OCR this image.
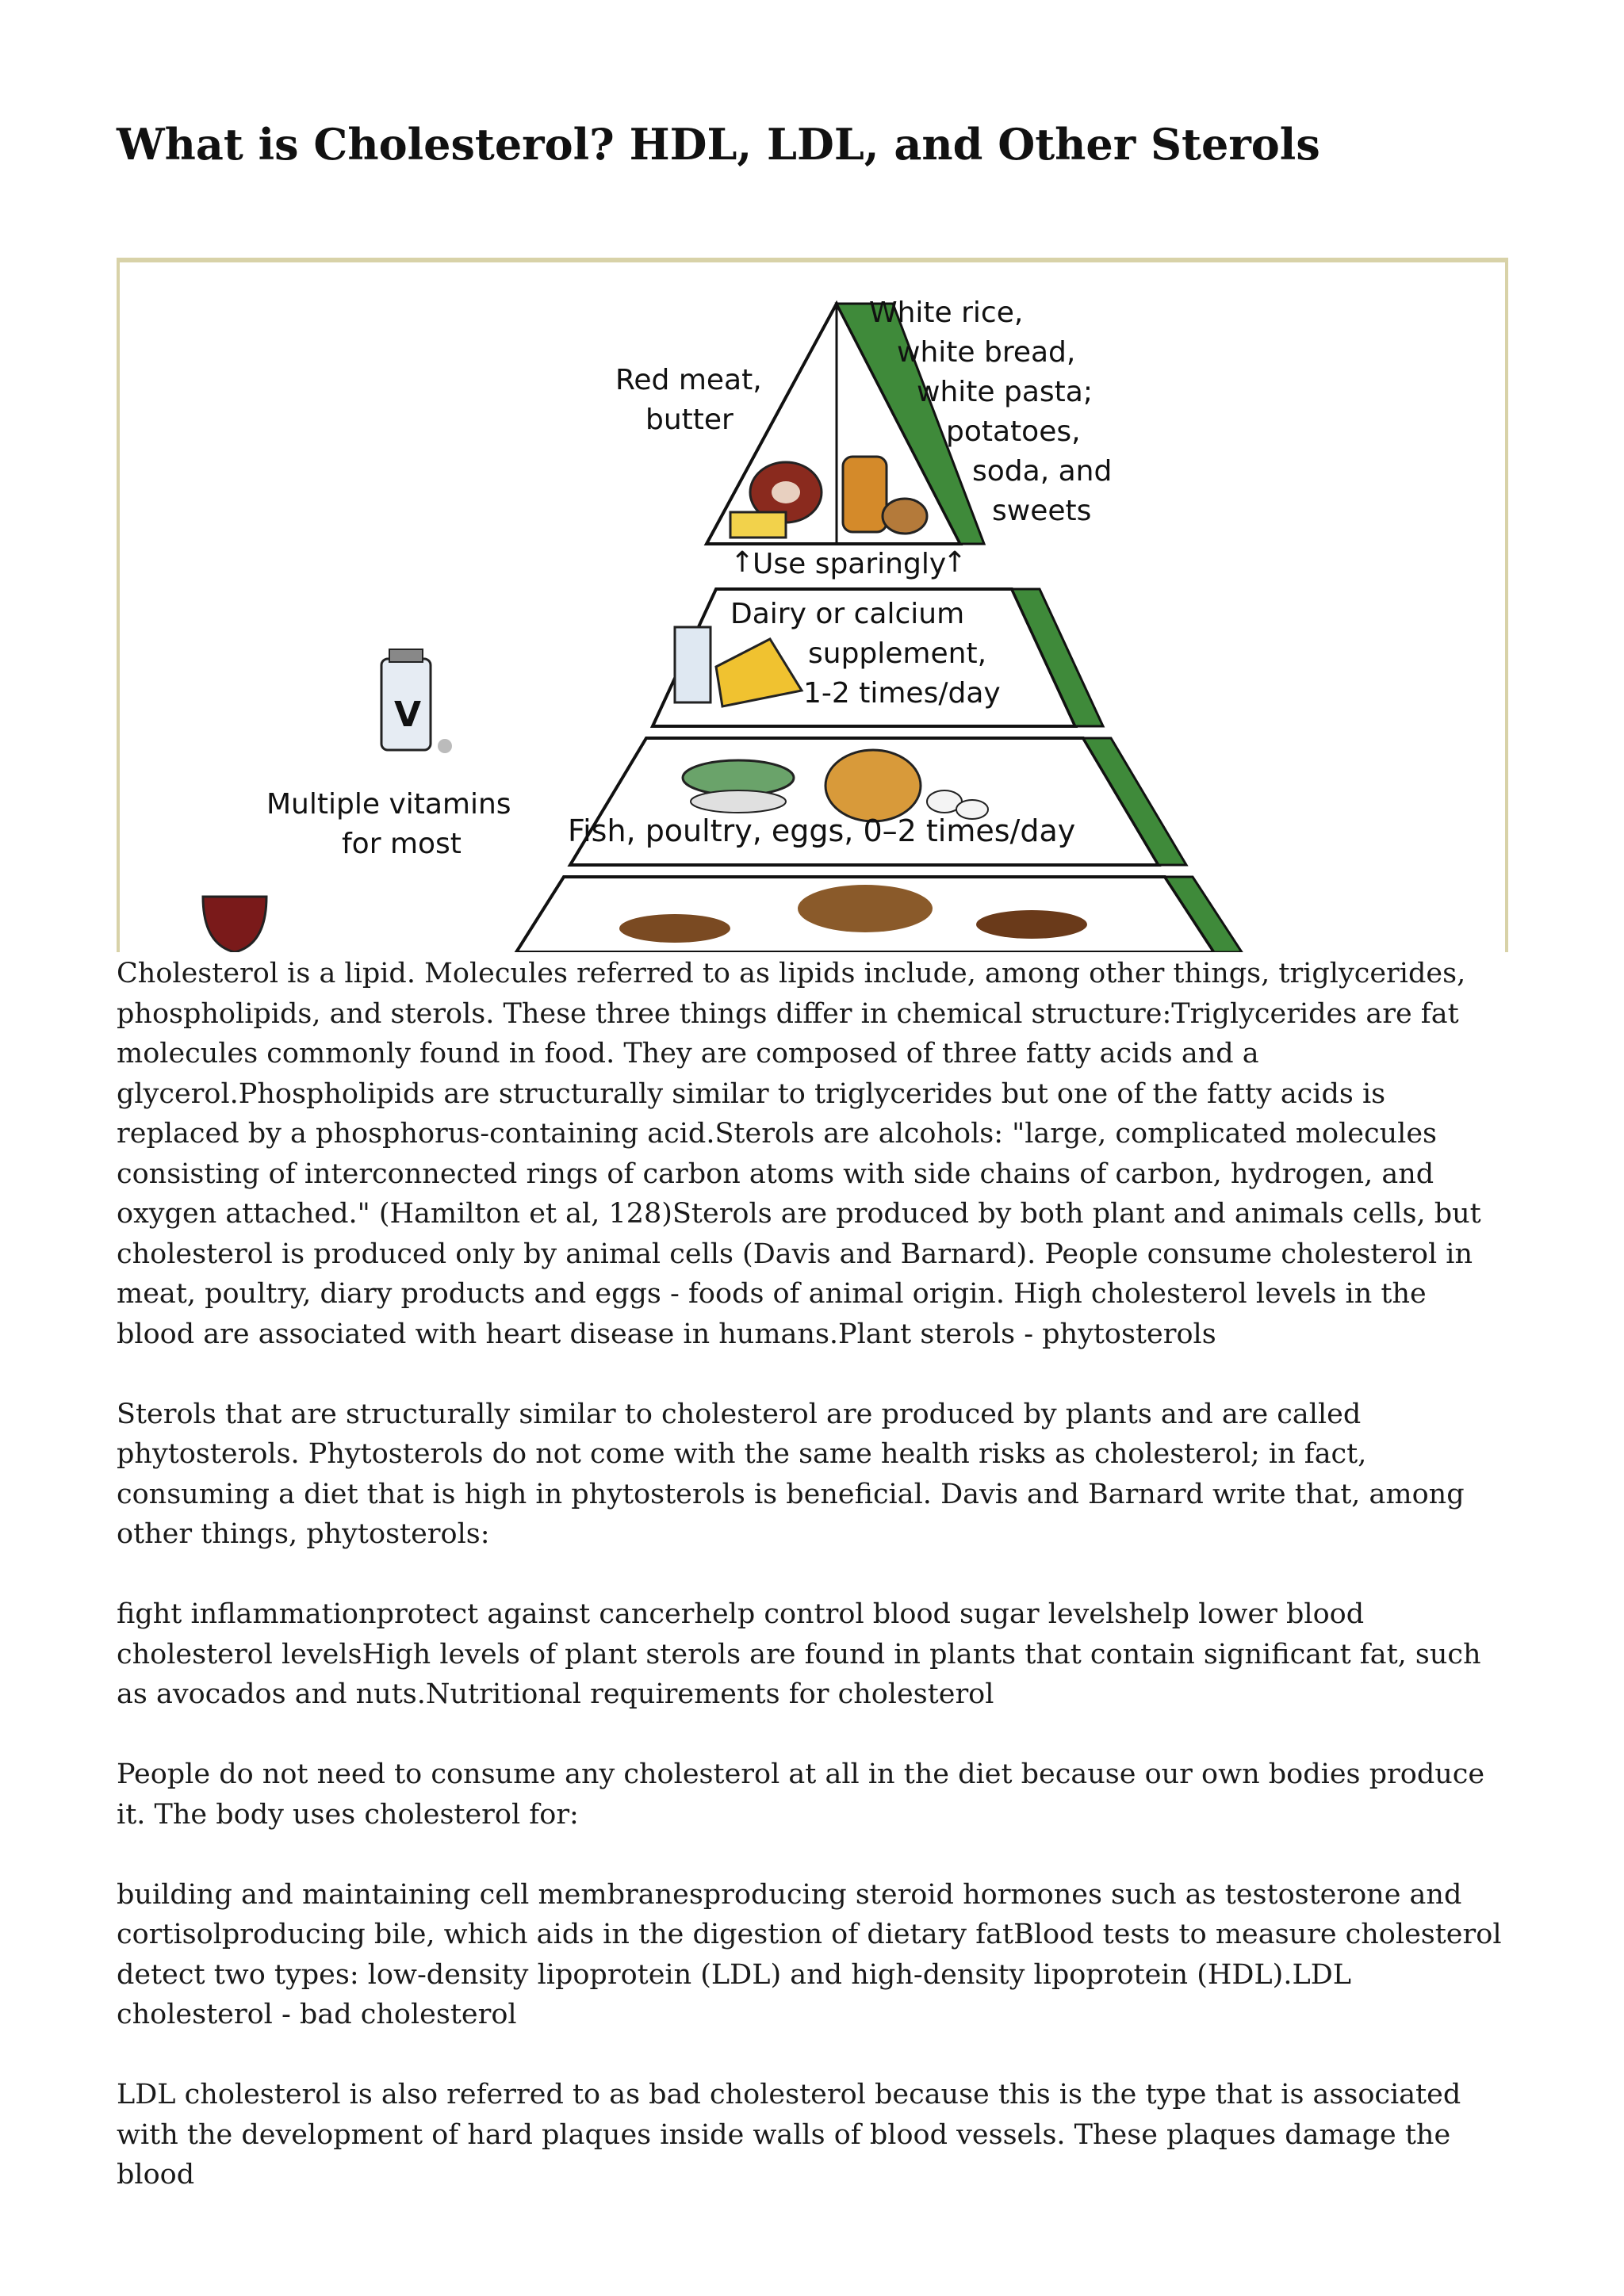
What is Cholesterol? HDL, LDL, and Other Sterols
↑
Use sparingly
↑
V
Red meat,
butter
White rice,
white bread,
white pasta;
potatoes,
soda, and
sweets
Dairy or calcium
supplement,
1-2 times/day
Multiple vitamins
for most	Fish, poultry, eggs, 0–2 times/day

Cholesterol is a lipid. Molecules referred to as lipids include, among other things, triglycerides, phospholipids, and sterols. These three things differ in chemical structure:Triglycerides are fat molecules commonly found in food. They are composed of three fatty acids and a glycerol.Phospholipids are structurally similar to triglycerides but one of the fatty acids is replaced by a phosphorus-containing acid.Sterols are alcohols: "large, complicated molecules consisting of interconnected rings of carbon atoms with side chains of carbon, hydrogen, and oxygen attached." (Hamilton et al, 128)Sterols are produced by both plant and animals cells, but cholesterol is produced only by animal cells (Davis and Barnard). People consume cholesterol in meat, poultry, diary products and eggs - foods of animal origin. High cholesterol levels in the blood are associated with heart disease in humans.Plant sterols - phytosterols

Sterols that are structurally similar to cholesterol are produced by plants and are called phytosterols. Phytosterols do not come with the same health risks as cholesterol; in fact, consuming a diet that is high in phytosterols is beneficial. Davis and Barnard write that, among other things, phytosterols:

fight inflammationprotect against cancerhelp control blood sugar levelshelp lower blood cholesterol levelsHigh levels of plant sterols are found in plants that contain significant fat, such as avocados and nuts.Nutritional requirements for cholesterol

People do not need to consume any cholesterol at all in the diet because our own bodies produce it. The body uses cholesterol for:

building and maintaining cell membranesproducing steroid hormones such as testosterone and cortisolproducing bile, which aids in the digestion of dietary fatBlood tests to measure cholesterol detect two types: low-density lipoprotein (LDL) and high-density lipoprotein (HDL).LDL cholesterol - bad cholesterol

LDL cholesterol is also referred to as bad cholesterol because this is the type that is associated with the development of hard plaques inside walls of blood vessels. These plaques damage the blood
